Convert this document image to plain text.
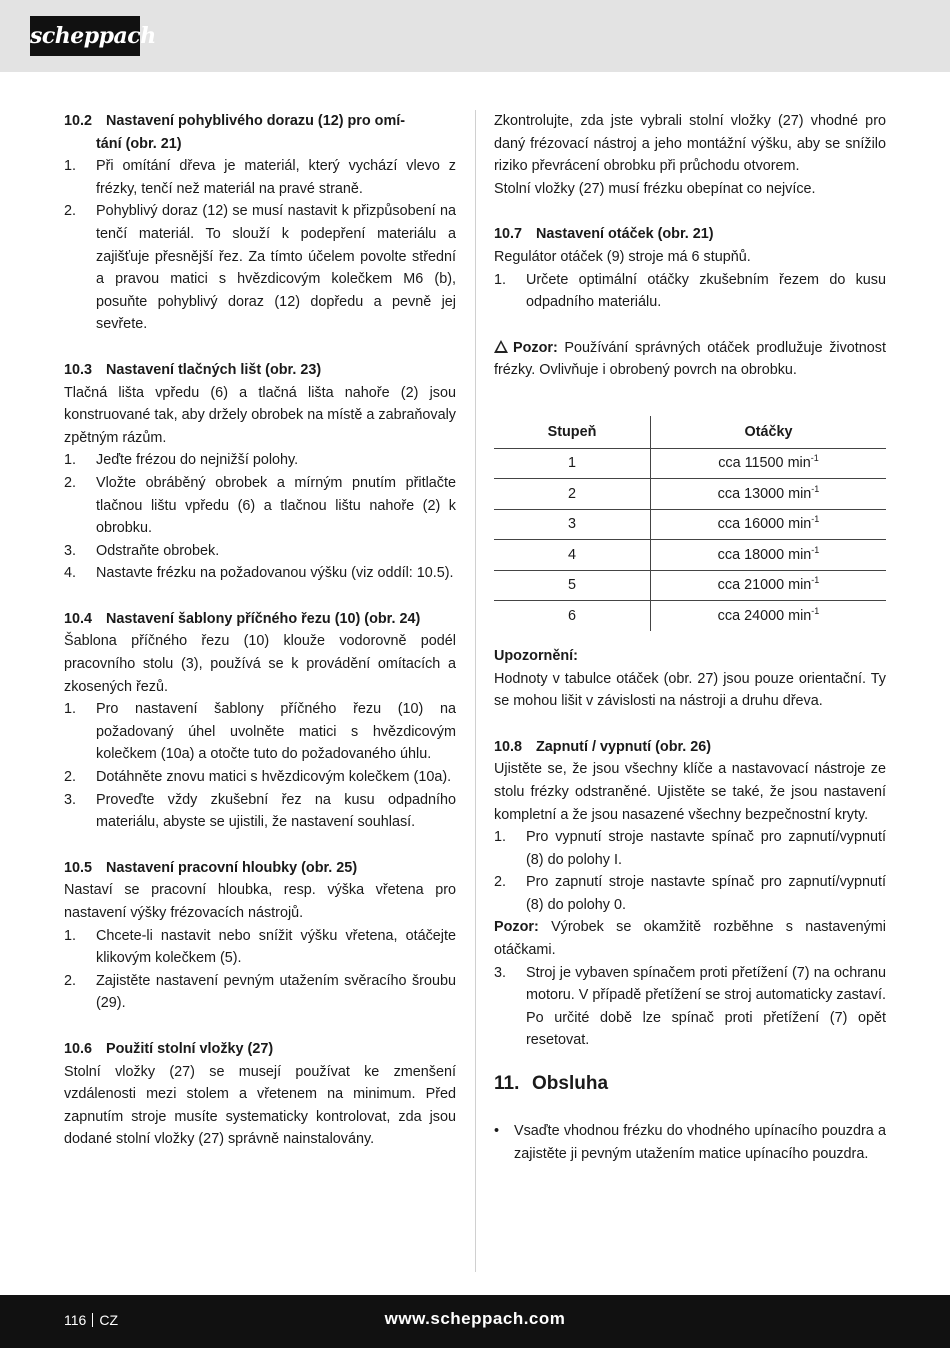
scheppach

10.2 Nastavení pohyblivého dorazu (12) pro omí-

tání (obr. 21)

1.	Při omítání dřeva je materiál, který vychází vlevo z frézky, tenčí než materiál na pravé straně.
2.	Pohyblivý doraz (12) se musí nastavit k přizpůsobení na tenčí materiál. To slouží k podepření materiálu a zajišťuje přesnější řez. Za tímto účelem povolte střední a pravou matici s hvězdicovým kolečkem M6 (b), posuňte pohyblivý doraz (12) dopředu a pevně jej sevřete.

10.3 Nastavení tlačných lišt (obr. 23)

Tlačná lišta vpředu (6) a tlačná lišta nahoře (2) jsou konstruované tak, aby držely obrobek na místě a zabraňovaly zpětným rázům.

1.	Jeďte frézou do nejnižší polohy.
2.	Vložte obráběný obrobek a mírným pnutím přitlačte tlačnou lištu vpředu (6) a tlačnou lištu nahoře (2) k obrobku.
3.	Odstraňte obrobek.
4.	Nastavte frézku na požadovanou výšku (viz oddíl: 10.5).

10.4 Nastavení šablony příčného řezu (10) (obr. 24)

Šablona příčného řezu (10) klouže vodorovně podél pracovního stolu (3), používá se k provádění omítacích a zkosených řezů.

1.	Pro nastavení šablony příčného řezu (10) na požadovaný úhel uvolněte matici s hvězdicovým kolečkem (10a) a otočte tuto do požadovaného úhlu.
2.	Dotáhněte znovu matici s hvězdicovým kolečkem (10a).
3.	Proveďte vždy zkušební řez na kusu odpadního materiálu, abyste se ujistili, že nastavení souhlasí.

10.5 Nastavení pracovní hloubky (obr. 25)

Nastaví se pracovní hloubka, resp. výška vřetena pro nastavení výšky frézovacích nástrojů.

1.	Chcete-li nastavit nebo snížit výšku vřetena, otáčejte klikovým kolečkem (5).
2.	Zajistěte nastavení pevným utažením svěracího šroubu (29).

10.6 Použití stolní vložky (27)

Stolní vložky (27) se musejí používat ke zmenšení vzdálenosti mezi stolem a vřetenem na minimum. Před zapnutím stroje musíte systematicky kontrolovat, zda jsou dodané stolní vložky (27) správně nainstalovány.

Zkontrolujte, zda jste vybrali stolní vložky (27) vhodné pro daný frézovací nástroj a jeho montážní výšku, aby se snížilo riziko převrácení obrobku při průchodu otvorem.

Stolní vložky (27) musí frézku obepínat co nejvíce.

10.7 Nastavení otáček (obr. 21)

Regulátor otáček (9) stroje má 6 stupňů.

1.	Určete optimální otáčky zkušebním řezem do kusu odpadního materiálu.

Pozor: Používání správných otáček prodlužuje životnost frézky. Ovlivňuje i obrobený povrch na obrobku.

Stupeň	Otáčky
1	cca 11500 $\min^{-1}$
2	cca 13000 $\min^{-1}$
3	cca 16000 $\min^{-1}$
4	cca 18000 $\min^{-1}$
5	cca 21000 $\min^{-1}$
6	cca 24000 $\min^{-1}$

Upozornění:

Hodnoty v tabulce otáček (obr. 27) jsou pouze orientační. Ty se mohou lišit v závislosti na nástroji a druhu dřeva.

10.8 Zapnutí / vypnutí (obr. 26)

Ujistěte se, že jsou všechny klíče a nastavovací nástroje ze stolu frézky odstraněné. Ujistěte se také, že jsou nastavení kompletní a že jsou nasazené všechny bezpečnostní kryty.

1.	Pro vypnutí stroje nastavte spínač pro zapnutí/vypnutí (8) do polohy I.
2.	Pro zapnutí stroje nastavte spínač pro zapnutí/vypnutí (8) do polohy 0.

Pozor: Výrobek se okamžitě rozběhne s nastavenými otáčkami.

3.	Stroj je vybaven spínačem proti přetížení (7) na ochranu motoru. V případě přetížení se stroj automaticky zastaví. Po určité době lze spínač proti přetížení (7) opět resetovat.

11. Obsluha

•	Vsaďte vhodnou frézku do vhodného upínacího pouzdra a zajistěte ji pevným utažením matice upínacího pouzdra.
116 CZ	www.scheppach.com
